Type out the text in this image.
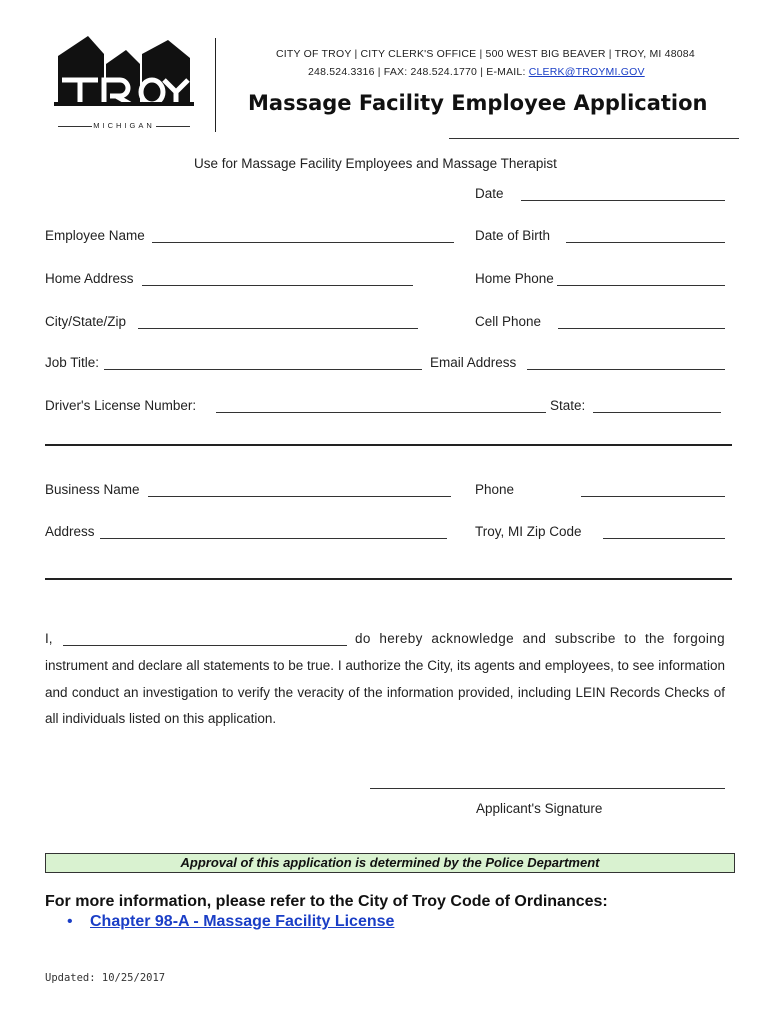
MICHIGAN
CITY OF TROY | CITY CLERK'S OFFICE | 500 WEST BIG BEAVER | TROY, MI 48084
248.524.3316 | FAX: 248.524.1770 | E-MAIL: CLERK@TROYMI.GOV
Massage Facility Employee Application
Use for Massage Facility Employees and Massage Therapist
Date
Employee Name	Date of Birth
Home Address	Home Phone
City/State/Zip	Cell Phone
Job Title:	Email Address
Driver's License Number:	State:
Business Name	Phone
Address	Troy, MI Zip Code
I,	do hereby acknowledge and subscribe to the forgoing
instrument and declare all statements to be true. I authorize the City, its agents and employees, to see information and conduct an investigation to verify the veracity of the information provided, including LEIN Records Checks of all individuals listed on this application.
Applicant's Signature
Approval of this application is determined by the Police Department
For more information, please refer to the City of Troy Code of Ordinances:
• Chapter 98-A - Massage Facility License
Updated: 10/25/2017
